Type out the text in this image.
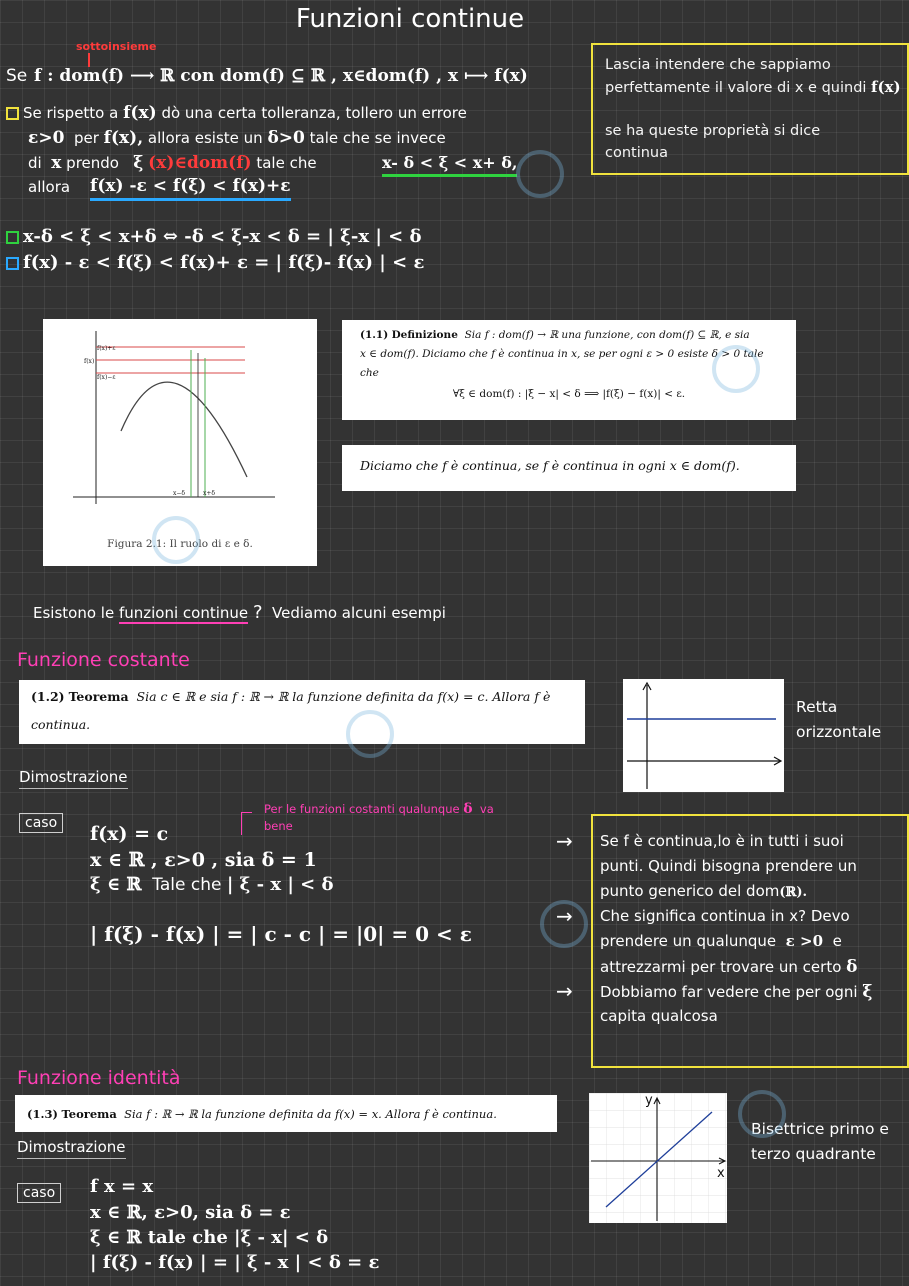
Funzioni continue
sottoinsieme
Se f : dom(f) ⟶ ℝ con dom(f) ⊆ ℝ , x∈dom(f) , x ⟼ f(x)
Se rispetto a f(x) dò una certa tolleranza, tollero un errore
ε>0 per f(x), allora esiste un δ>0 tale che se invece
di x prendo ξ (x)∈dom(f) tale che	x- δ < ξ < x+ δ,
allora f(x) -ε < f(ξ) < f(x)+ε
x-δ < ξ < x+δ ⇔ -δ < ξ-x < δ = | ξ-x | < δ
f(x) - ε < f(ξ) < f(x)+ ε = | f(ξ)- f(x) | < ε
Lascia intendere che sappiamo
perfettamente il valore di x e quindi f(x)
se ha queste proprietà si dice
continua
f(x)+ε
f(x)
f(x)−ε
x−δ	x+δ
Figura 2.1: Il ruolo di ε e δ.
(1.1) Definizione Sia f : dom(f) → ℝ una funzione, con dom(f) ⊆ ℝ, e sia
x ∈ dom(f). Diciamo che f è continua in x, se per ogni ε > 0 esiste δ > 0 tale
che
∀ξ ∈ dom(f) : |ξ − x| < δ ⟹ |f(ξ) − f(x)| < ε.
Diciamo che f è continua, se f è continua in ogni x ∈ dom(f).
Esistono le funzioni continue ? Vediamo alcuni esempi
Funzione costante
(1.2) Teorema Sia c ∈ ℝ e sia f : ℝ → ℝ la funzione definita da f(x) = c. Allora f è
continua.
Retta
orizzontale
Dimostrazione
caso
Per le funzioni costanti qualunque δ va
bene
f(x) = c
x ∈ ℝ , ε>0 , sia δ = 1
ξ ∈ ℝ Tale che | ξ - x | < δ
| f(ξ) - f(x) | = | c - c | = |0| = 0 < ε
→
→
→
Se f è continua,lo è in tutti i suoi
punti. Quindi bisogna prendere un
punto generico del dom(ℝ).
Che significa continua in x? Devo
prendere un qualunque ε >0 e
attrezzarmi per trovare un certo δ
Dobbiamo far vedere che per ogni ξ
capita qualcosa
Funzione identità
(1.3) Teorema Sia f : ℝ → ℝ la funzione definita da f(x) = x. Allora f è continua.
y
x
Bisettrice primo e
terzo quadrante
Dimostrazione
caso	f x = x
x ∈ ℝ, ε>0, sia δ = ε
ξ ∈ ℝ tale che |ξ - x| < δ
| f(ξ) - f(x) | = | ξ - x | < δ = ε
